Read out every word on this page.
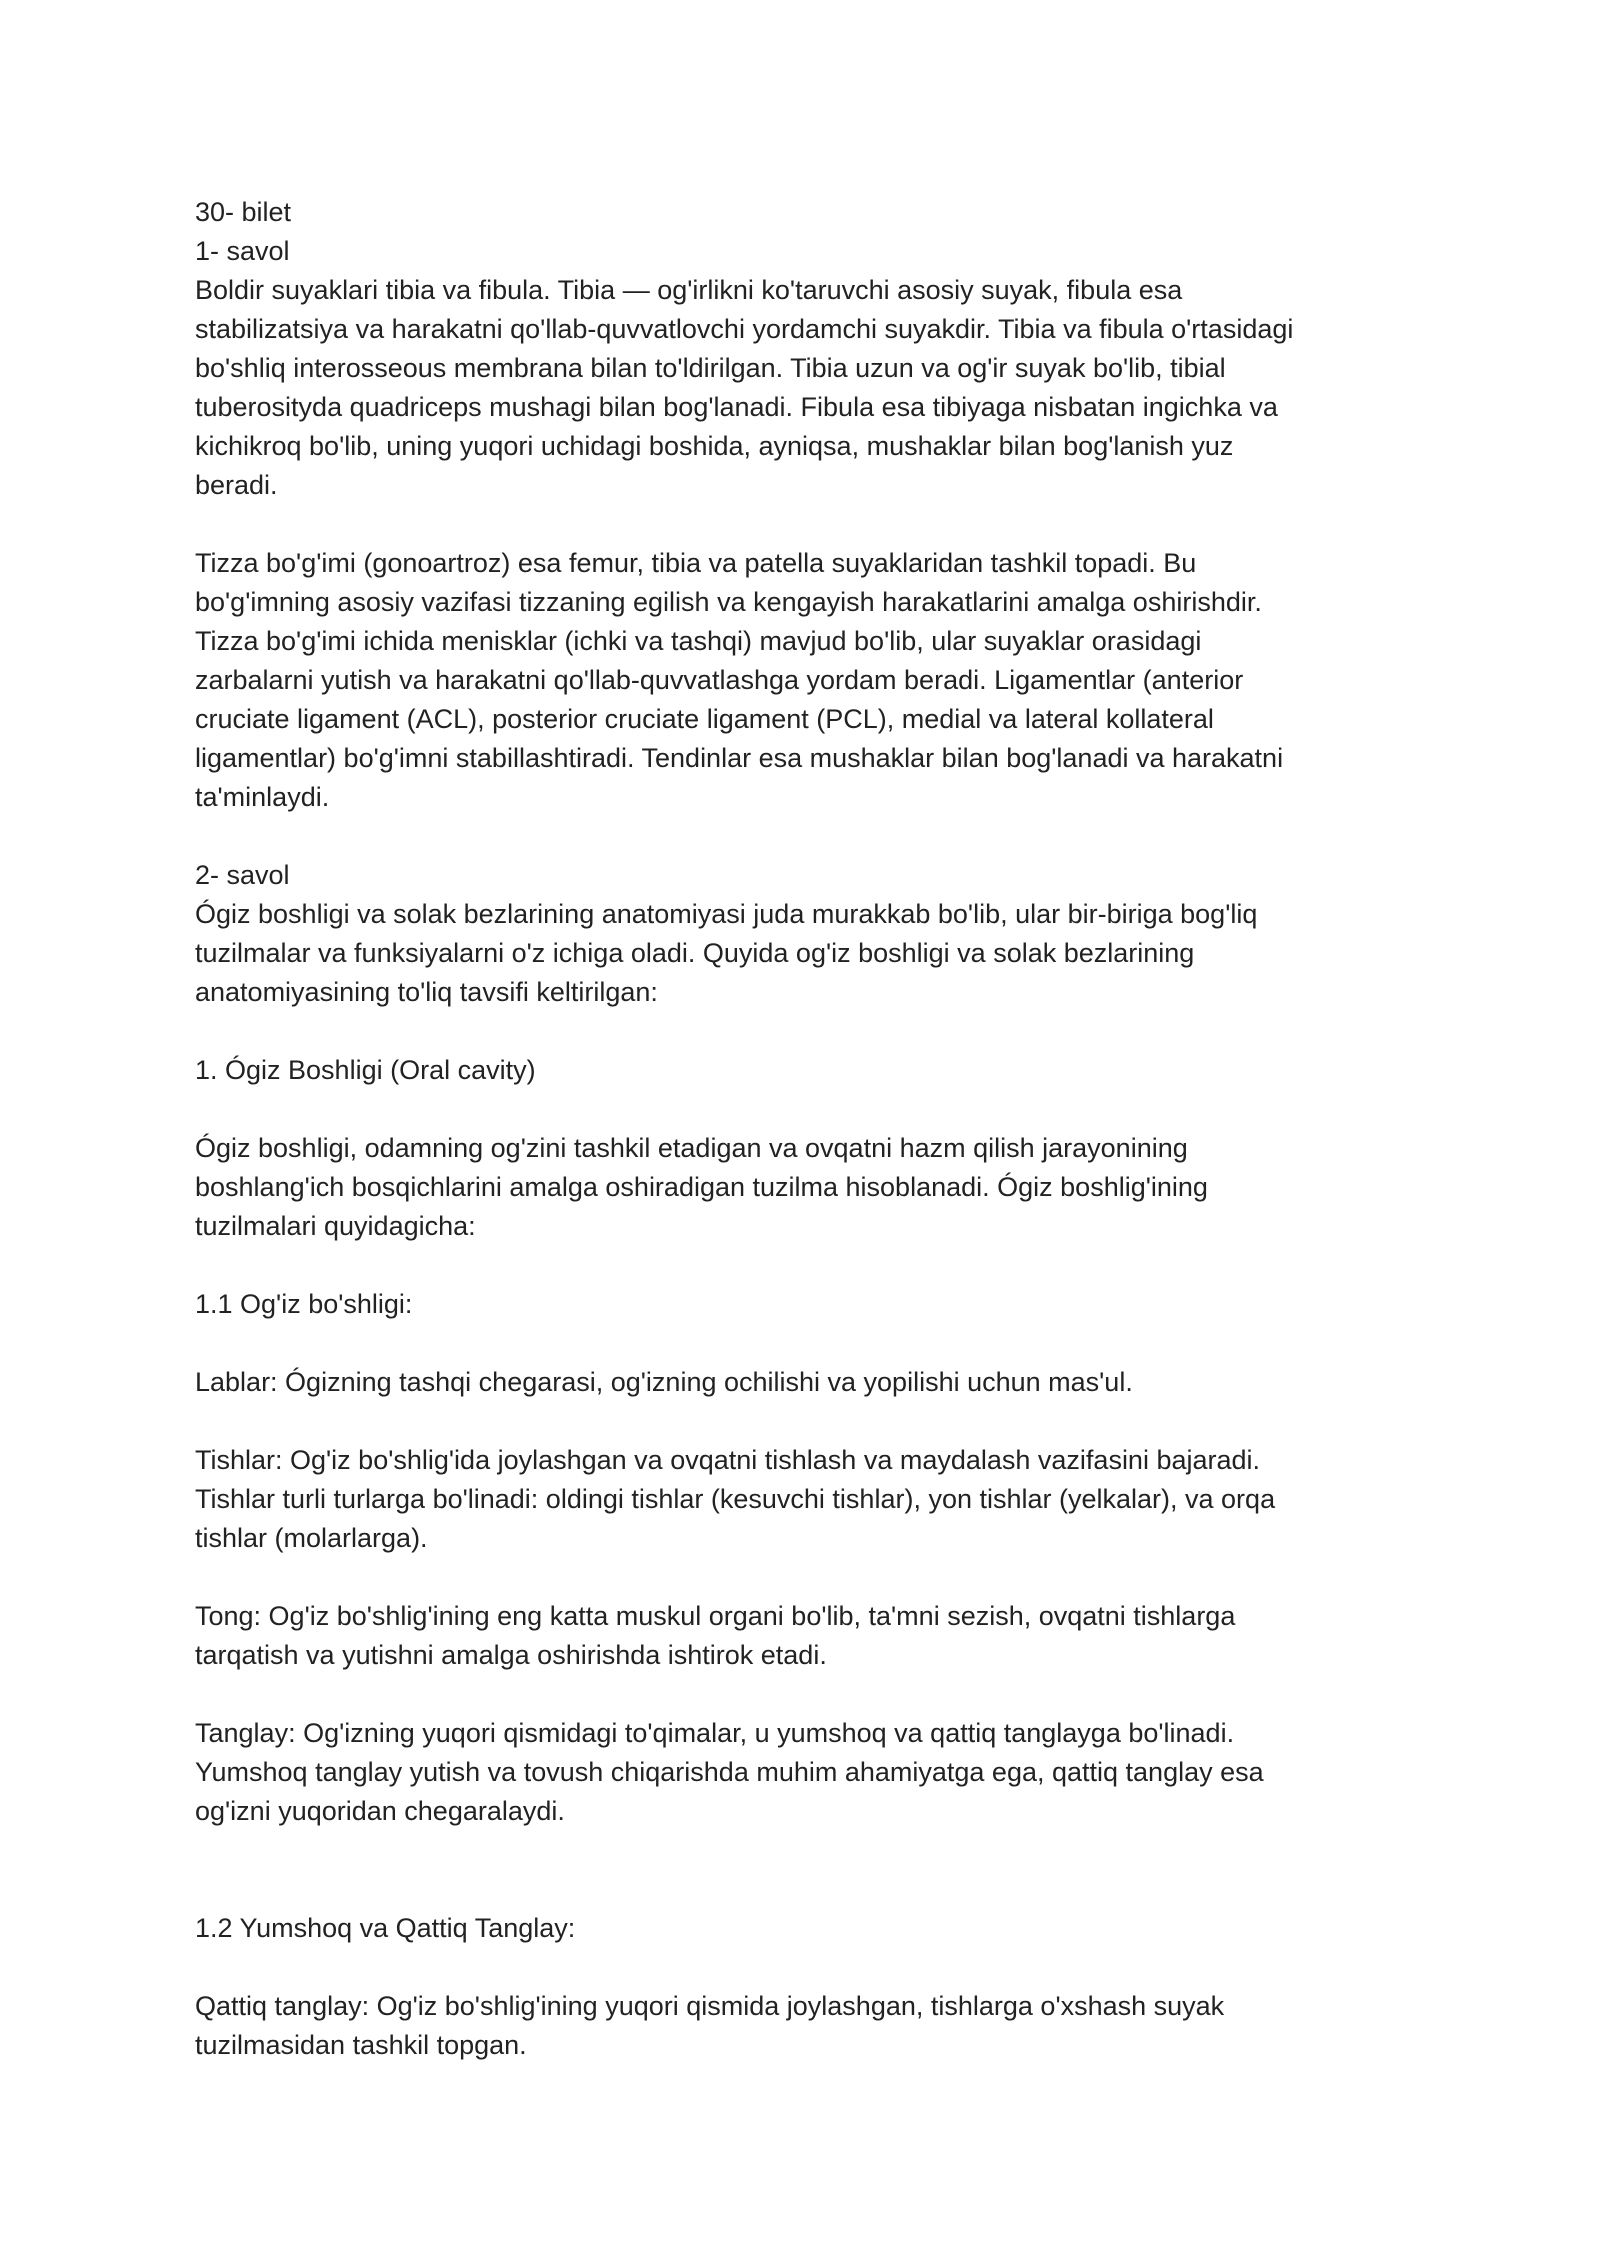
30- bilet
1- savol
Boldir suyaklari tibia va fibula. Tibia — og'irlikni ko'taruvchi asosiy suyak, fibula esa
stabilizatsiya va harakatni qo'llab-quvvatlovchi yordamchi suyakdir. Tibia va fibula o'rtasidagi
bo'shliq interosseous membrana bilan to'ldirilgan. Tibia uzun va og'ir suyak bo'lib, tibial
tuberosityda quadriceps mushagi bilan bog'lanadi. Fibula esa tibiyaga nisbatan ingichka va
kichikroq bo'lib, uning yuqori uchidagi boshida, ayniqsa, mushaklar bilan bog'lanish yuz
beradi.
Tizza bo'g'imi (gonoartroz) esa femur, tibia va patella suyaklaridan tashkil topadi. Bu
bo'g'imning asosiy vazifasi tizzaning egilish va kengayish harakatlarini amalga oshirishdir.
Tizza bo'g'imi ichida menisklar (ichki va tashqi) mavjud bo'lib, ular suyaklar orasidagi
zarbalarni yutish va harakatni qo'llab-quvvatlashga yordam beradi. Ligamentlar (anterior
cruciate ligament (ACL), posterior cruciate ligament (PCL), medial va lateral kollateral
ligamentlar) bo'g'imni stabillashtiradi. Tendinlar esa mushaklar bilan bog'lanadi va harakatni
ta'minlaydi.
2- savol
Ógiz boshligi va solak bezlarining anatomiyasi juda murakkab bo'lib, ular bir-biriga bog'liq
tuzilmalar va funksiyalarni o'z ichiga oladi. Quyida og'iz boshligi va solak bezlarining
anatomiyasining to'liq tavsifi keltirilgan:
1. Ógiz Boshligi (Oral cavity)
Ógiz boshligi, odamning og'zini tashkil etadigan va ovqatni hazm qilish jarayonining
boshlang'ich bosqichlarini amalga oshiradigan tuzilma hisoblanadi. Ógiz boshlig'ining
tuzilmalari quyidagicha:
1.1 Og'iz bo'shligi:
Lablar: Ógizning tashqi chegarasi, og'izning ochilishi va yopilishi uchun mas'ul.
Tishlar: Og'iz bo'shlig'ida joylashgan va ovqatni tishlash va maydalash vazifasini bajaradi.
Tishlar turli turlarga bo'linadi: oldingi tishlar (kesuvchi tishlar), yon tishlar (yelkalar), va orqa
tishlar (molarlarga).
Tong: Og'iz bo'shlig'ining eng katta muskul organi bo'lib, ta'mni sezish, ovqatni tishlarga
tarqatish va yutishni amalga oshirishda ishtirok etadi.
Tanglay: Og'izning yuqori qismidagi to'qimalar, u yumshoq va qattiq tanglayga bo'linadi.
Yumshoq tanglay yutish va tovush chiqarishda muhim ahamiyatga ega, qattiq tanglay esa
og'izni yuqoridan chegaralaydi.
1.2 Yumshoq va Qattiq Tanglay:
Qattiq tanglay: Og'iz bo'shlig'ining yuqori qismida joylashgan, tishlarga o'xshash suyak
tuzilmasidan tashkil topgan.
